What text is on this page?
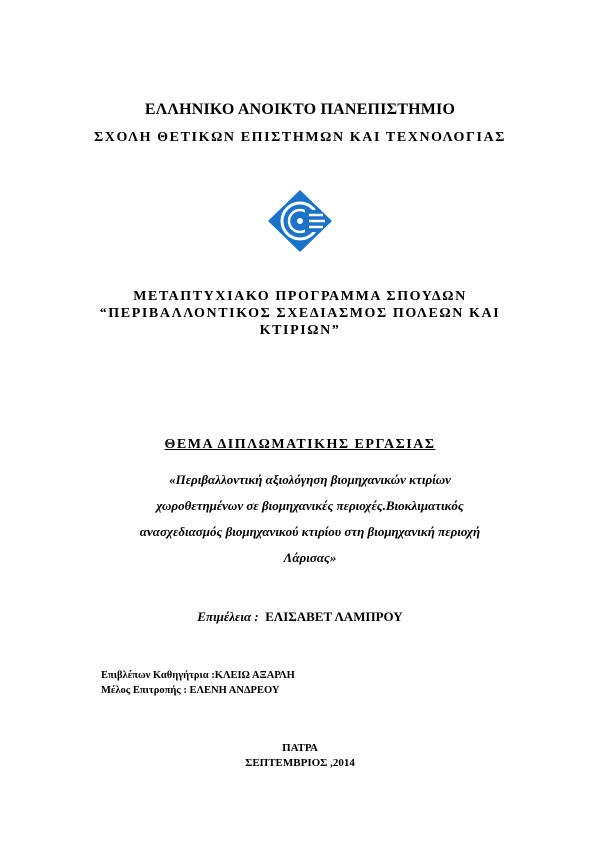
ΕΛΛΗΝΙΚΟ ΑΝΟΙΚΤΟ ΠΑΝΕΠΙΣΤΗΜΙΟ
ΣΧΟΛΗ ΘΕΤΙΚΩΝ ΕΠΙΣΤΗΜΩΝ ΚΑΙ ΤΕΧΝΟΛΟΓΙΑΣ
ΜΕΤΑΠΤΥΧΙΑΚΟ ΠΡΟΓΡΑΜΜΑ ΣΠΟΥΔΩΝ
“ΠΕΡΙΒΑΛΛΟΝΤΙΚΟΣ ΣΧΕΔΙΑΣΜΟΣ ΠΟΛΕΩΝ ΚΑΙ
ΚΤΙΡΙΩΝ”
ΘΕΜΑ ΔΙΠΛΩΜΑΤΙΚΗΣ ΕΡΓΑΣΙΑΣ
«Περιβαλλοντική αξιολόγηση βιομηχανικών κτιρίων
χωροθετημένων σε βιομηχανικές περιοχές.Βιοκλιματικός
ανασχεδιασμός βιομηχανικού κτιρίου στη βιομηχανική περιοχή
Λάρισας»
Επιμέλεια : ΕΛΙΣΑΒΕΤ ΛΑΜΠΡΟΥ
Επιβλέπων Καθηγήτρια :ΚΛΕΙΩ ΑΞΑΡΛΗ
Μέλος Επιτροπής : ΕΛΕΝΗ ΑΝΔΡΕΟΥ
ΠΑΤΡΑ
ΣΕΠΤΕΜΒΡΙΟΣ ,2014
